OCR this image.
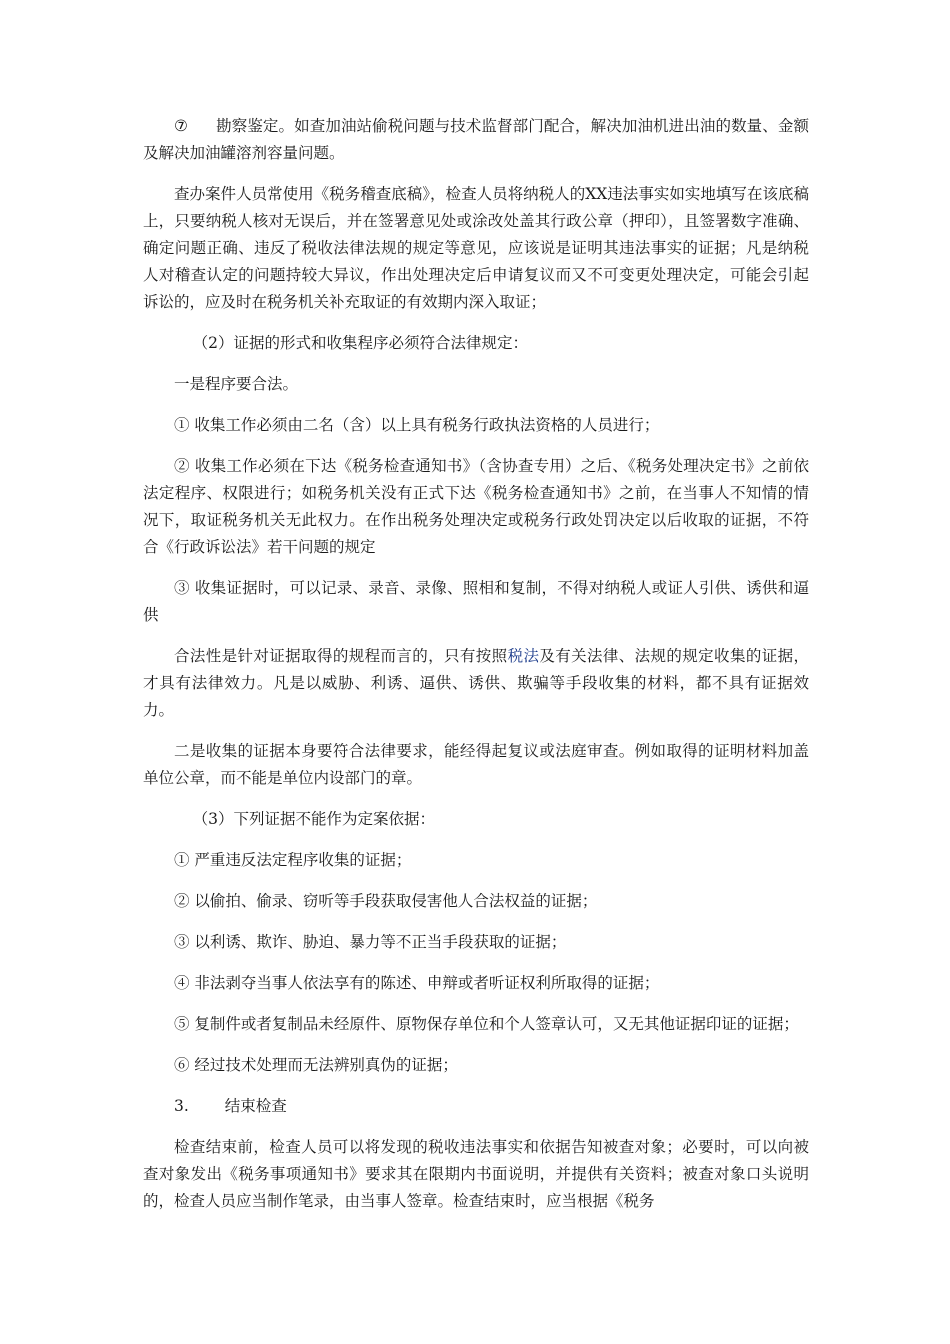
⑦ 勘察鉴定。如查加油站偷税问题与技术监督部门配合，解决加油机进出油的数量、金额及解决加油罐溶剂容量问题。

查办案件人员常使用《税务稽查底稿》，检查人员将纳税人的XX违法事实如实地填写在该底稿上，只要纳税人核对无误后，并在签署意见处或涂改处盖其行政公章（押印），且签署数字准确、确定问题正确、违反了税收法律法规的规定等意见，应该说是证明其违法事实的证据；凡是纳税人对稽查认定的问题持较大异议，作出处理决定后申请复议而又不可变更处理决定，可能会引起诉讼的，应及时在税务机关补充取证的有效期内深入取证；

（2）证据的形式和收集程序必须符合法律规定：

一是程序要合法。

① 收集工作必须由二名（含）以上具有税务行政执法资格的人员进行；

② 收集工作必须在下达《税务检查通知书》（含协查专用）之后、《税务处理决定书》之前依法定程序、权限进行；如税务机关没有正式下达《税务检查通知书》之前，在当事人不知情的情况下，取证税务机关无此权力。在作出税务处理决定或税务行政处罚决定以后收取的证据，不符合《行政诉讼法》若干问题的规定

③ 收集证据时，可以记录、录音、录像、照相和复制，不得对纳税人或证人引供、诱供和逼供

合法性是针对证据取得的规程而言的，只有按照税法及有关法律、法规的规定收集的证据，才具有法律效力。凡是以威胁、利诱、逼供、诱供、欺骗等手段收集的材料，都不具有证据效力。

二是收集的证据本身要符合法律要求，能经得起复议或法庭审查。例如取得的证明材料加盖单位公章，而不能是单位内设部门的章。

（3）下列证据不能作为定案依据：

① 严重违反法定程序收集的证据；

② 以偷拍、偷录、窃听等手段获取侵害他人合法权益的证据；

③ 以利诱、欺诈、胁迫、暴力等不正当手段获取的证据；

④ 非法剥夺当事人依法享有的陈述、申辩或者听证权利所取得的证据；

⑤ 复制件或者复制品未经原件、原物保存单位和个人签章认可，又无其他证据印证的证据；

⑥ 经过技术处理而无法辨别真伪的证据；

3. 结束检查

检查结束前，检查人员可以将发现的税收违法事实和依据告知被查对象；必要时，可以向被查对象发出《税务事项通知书》要求其在限期内书面说明，并提供有关资料；被查对象口头说明的，检查人员应当制作笔录，由当事人签章。检查结束时，应当根据《税务
